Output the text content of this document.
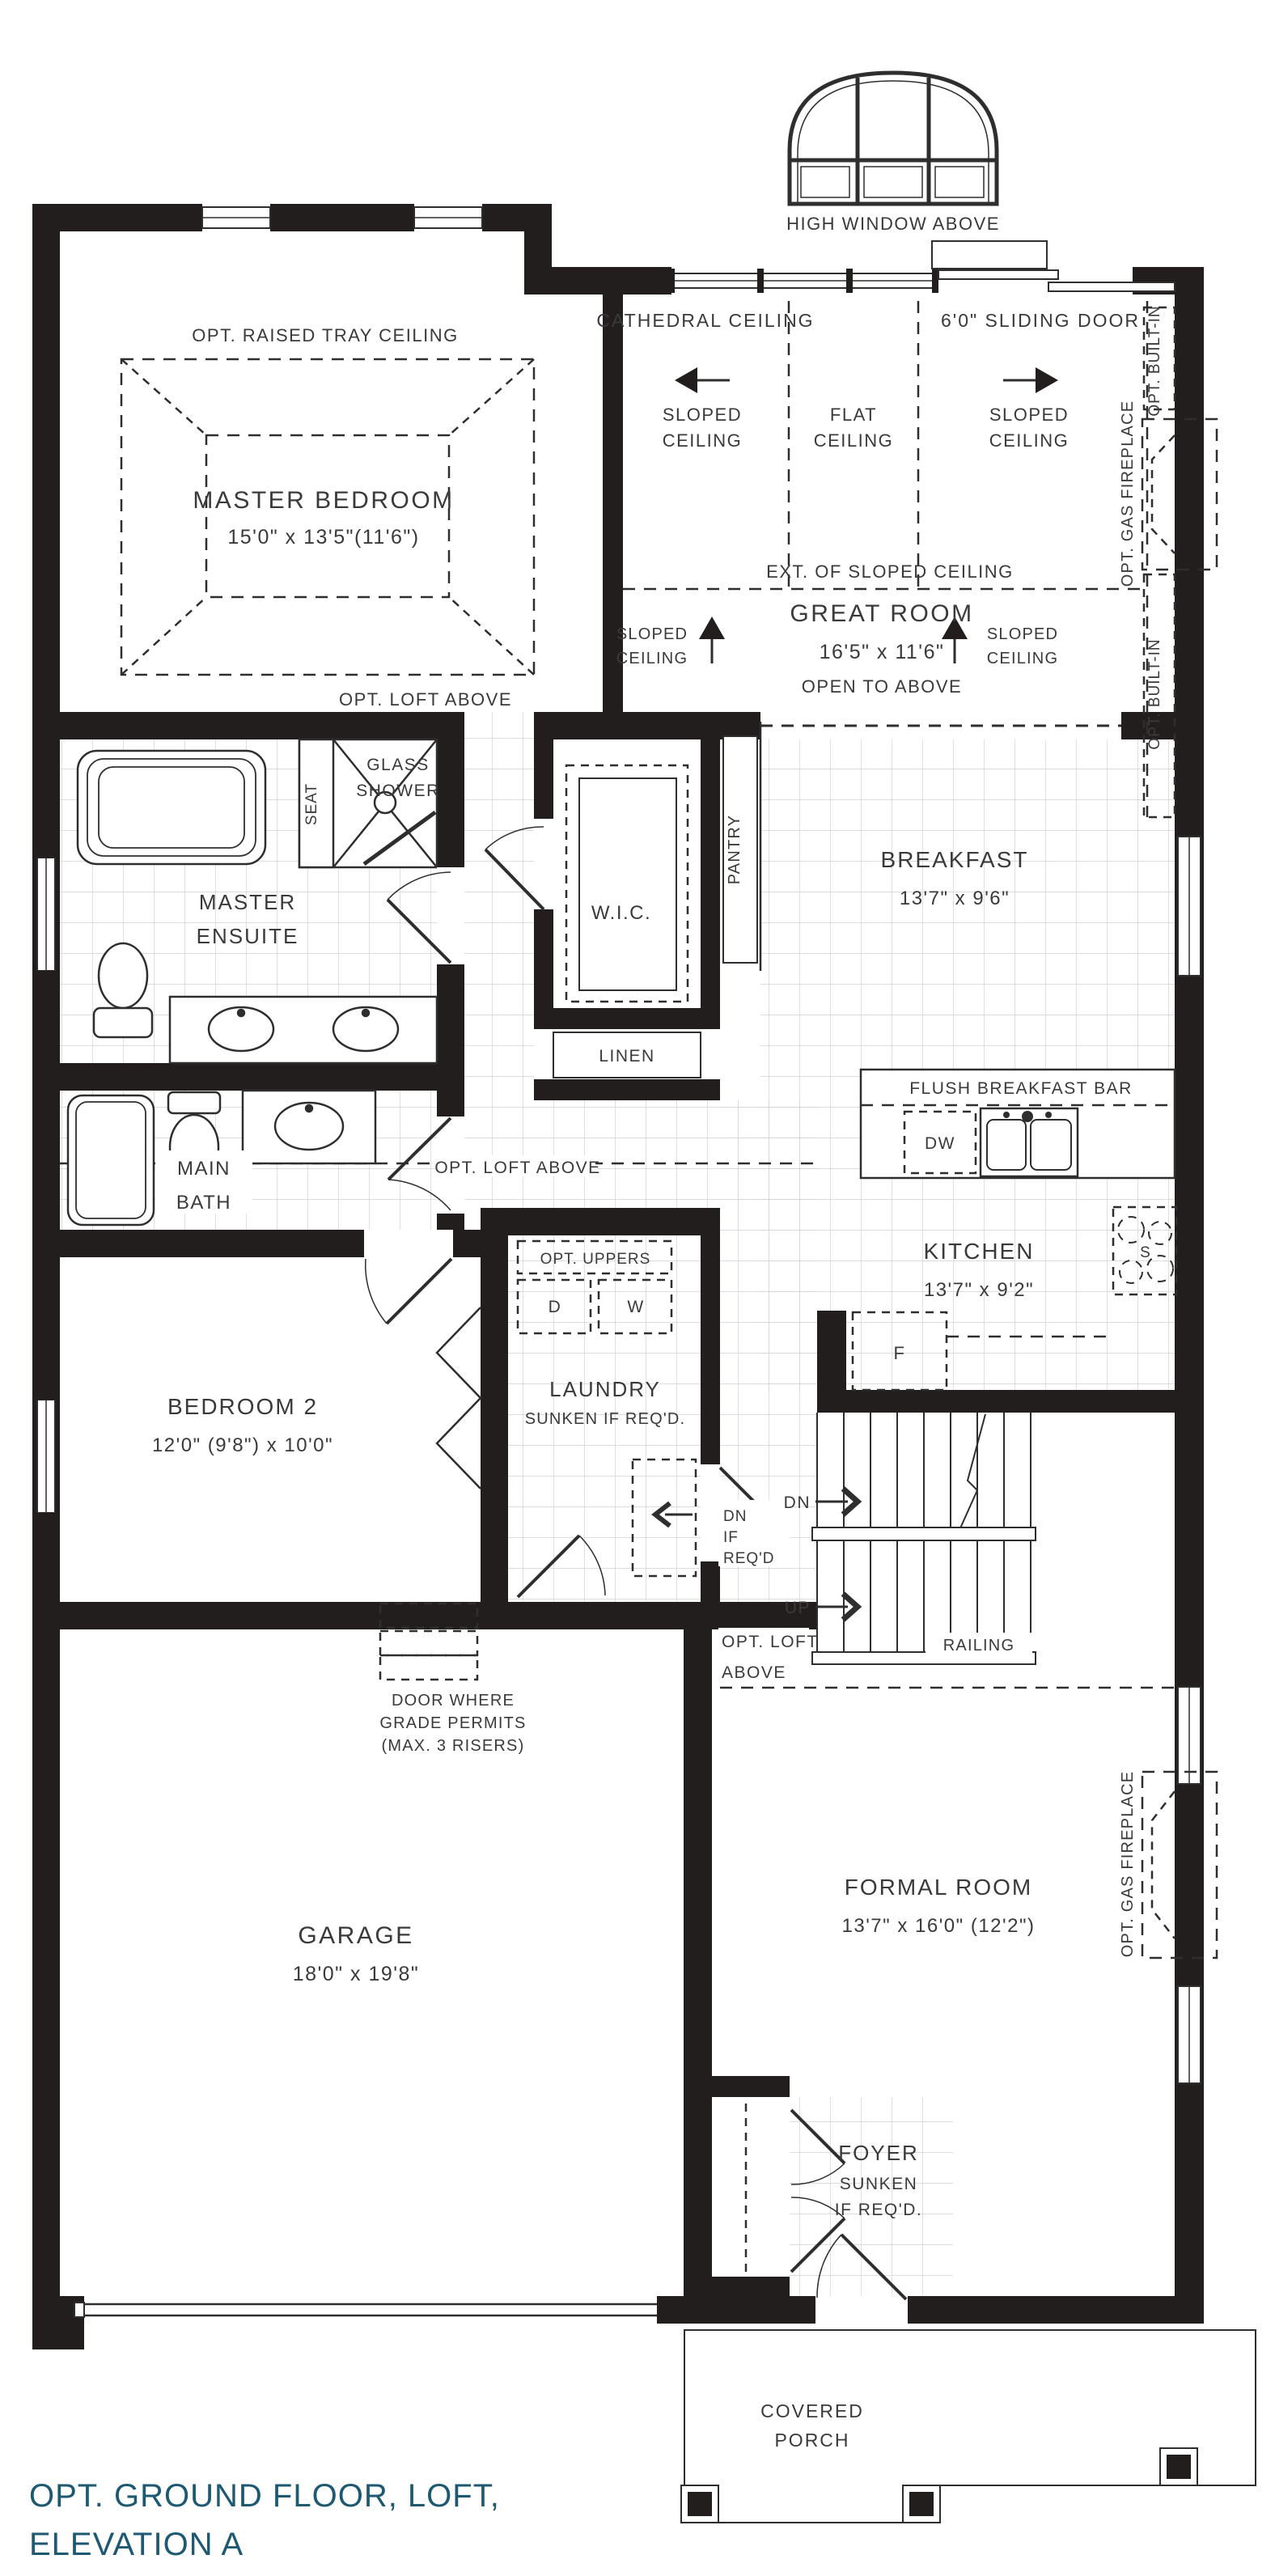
HIGH WINDOW ABOVE
CATHEDRAL CEILING	6'0" SLIDING DOOR
SLOPED
CEILING
FLAT
CEILING
SLOPED
CEILING
EXT. OF SLOPED CEILING
GREAT ROOM
16'5" x 11'6"
OPEN TO ABOVE
SLOPED
CEILING
SLOPED
CEILING
OPT. BUILT-IN
OPT. GAS FIREPLACE
OPT. BUILT-IN
OPT. RAISED TRAY CEILING
MASTER BEDROOM
15'0" x 13'5"(11'6")
OPT. LOFT ABOVE
GLASS
SHOWER
SEAT
MASTER
ENSUITE
W.I.C.
PANTRY
LINEN
BREAKFAST
13'7" x 9'6"
FLUSH BREAKFAST BAR
DW
KITCHEN
13'7" x 9'2"
S
F
MAIN
BATH
OPT. LOFT ABOVE
BEDROOM 2
12'0" (9'8") x 10'0"
OPT. UPPERS
D	W
LAUNDRY
SUNKEN IF REQ'D.
DN
IF
REQ'D
DN
UP
RAILING
OPT. LOFT
ABOVE
DOOR WHERE
GRADE PERMITS
(MAX. 3 RISERS)
GARAGE
18'0" x 19'8"
FORMAL ROOM
13'7" x 16'0" (12'2")	OPT. GAS FIREPLACE
FOYER
SUNKEN
IF REQ'D.
COVERED
PORCH
OPT. GROUND FLOOR, LOFT,
ELEVATION A
